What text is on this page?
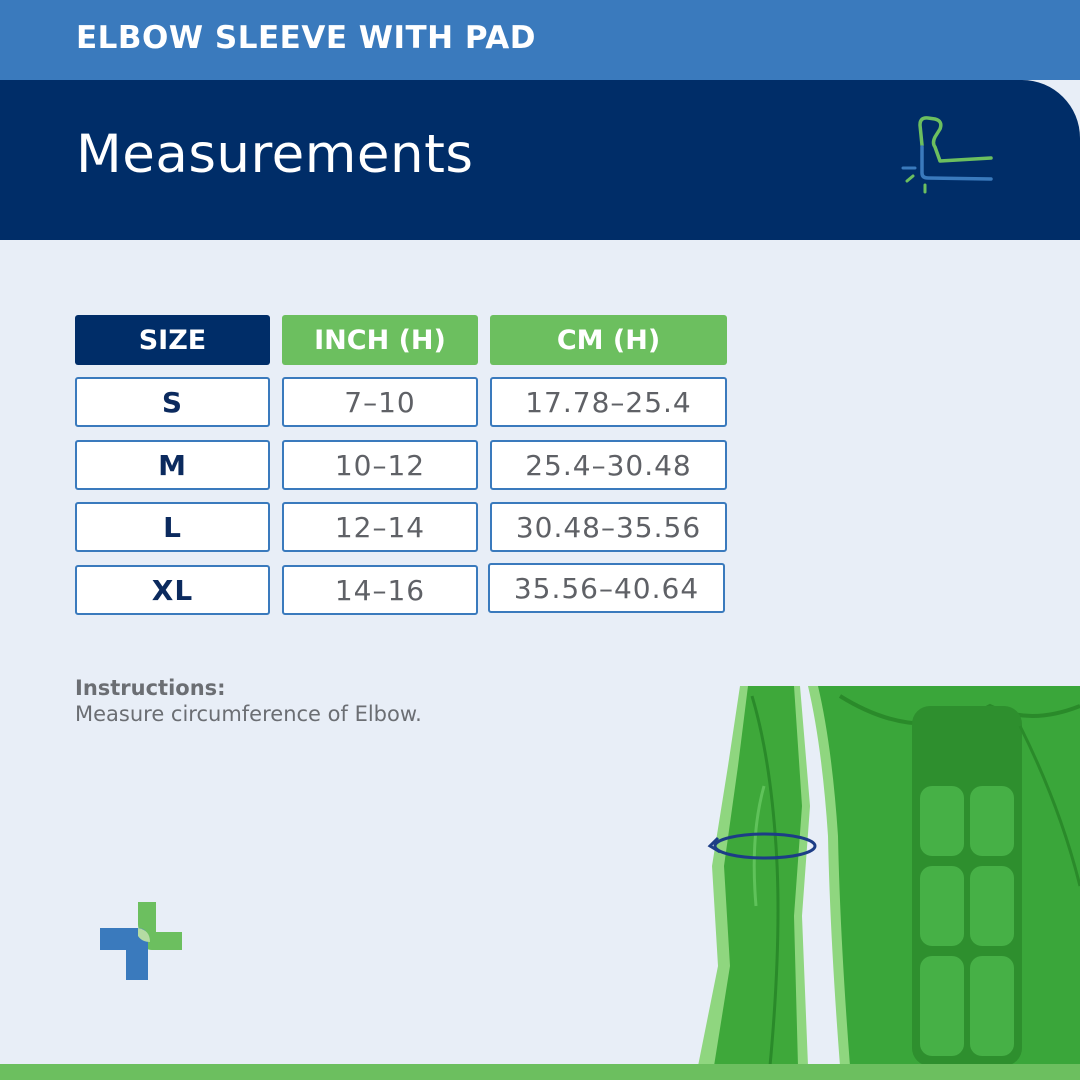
ELBOW SLEEVE WITH PAD
Measurements
SIZE	INCH (H)	CM (H)
S	7–10	17.78–25.4
M	10–12	25.4–30.48
L	12–14	30.48–35.56
XL	14–16	35.56–40.64
Instructions:
Measure circumference of Elbow.
